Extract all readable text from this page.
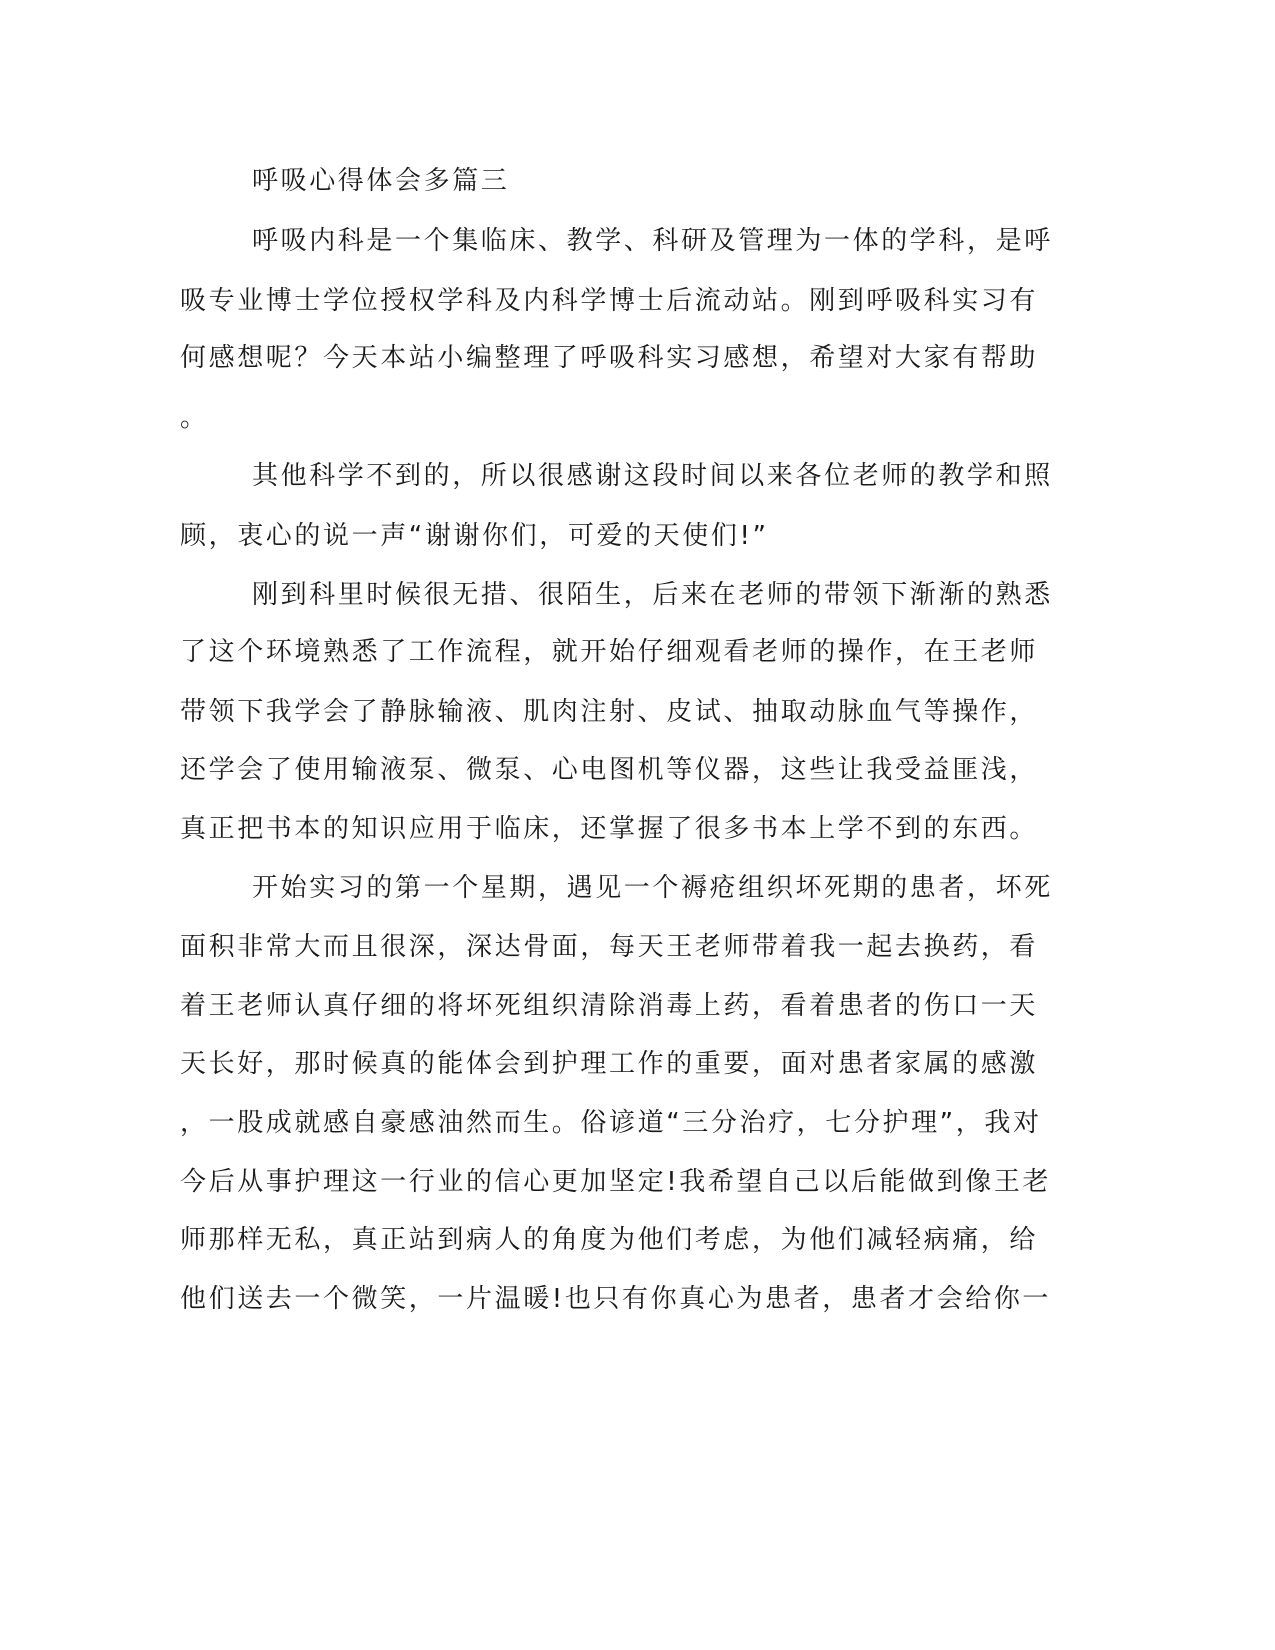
呼吸心得体会多篇三
呼吸内科是一个集临床、教学、科研及管理为一体的学科，是呼
吸专业博士学位授权学科及内科学博士后流动站。刚到呼吸科实习有
何感想呢？今天本站小编整理了呼吸科实习感想，希望对大家有帮助
。
其他科学不到的，所以很感谢这段时间以来各位老师的教学和照
顾，衷心的说一声“谢谢你们，可爱的天使们!”
刚到科里时候很无措、很陌生，后来在老师的带领下渐渐的熟悉
了这个环境熟悉了工作流程，就开始仔细观看老师的操作，在王老师
带领下我学会了静脉输液、肌肉注射、皮试、抽取动脉血气等操作，
还学会了使用输液泵、微泵、心电图机等仪器，这些让我受益匪浅，
真正把书本的知识应用于临床，还掌握了很多书本上学不到的东西。
开始实习的第一个星期，遇见一个褥疮组织坏死期的患者，坏死
面积非常大而且很深，深达骨面，每天王老师带着我一起去换药，看
着王老师认真仔细的将坏死组织清除消毒上药，看着患者的伤口一天
天长好，那时候真的能体会到护理工作的重要，面对患者家属的感激
，一股成就感自豪感油然而生。俗谚道“三分治疗，七分护理”，我对
今后从事护理这一行业的信心更加坚定!我希望自己以后能做到像王老
师那样无私，真正站到病人的角度为他们考虑，为他们减轻病痛，给
他们送去一个微笑，一片温暖!也只有你真心为患者，患者才会给你一
